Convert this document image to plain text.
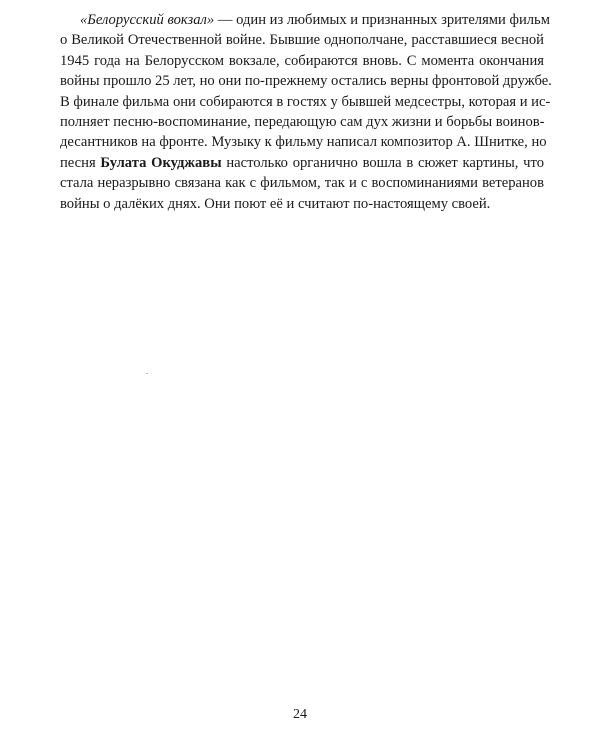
«Белорусский вокзал» — один из любимых и признанных зрителями фильм
о Великой Отечественной войне. Бывшие однополчане, расставшиеся весной
1945 года на Белорусском вокзале, собираются вновь. С момента окончания
войны прошло 25 лет, но они по-прежнему остались верны фронтовой дружбе.
В финале фильма они собираются в гостях у бывшей медсестры, которая и ис-
полняет песню-воспоминание, передающую сам дух жизни и борьбы воинов-
десантников на фронте. Музыку к фильму написал композитор А. Шнитке, но
песня Булата Окуджавы настолько органично вошла в сюжет картины, что
стала неразрывно связана как с фильмом, так и с воспоминаниями ветеранов
войны о далёких днях. Они поют её и считают по-настоящему своей.
24
